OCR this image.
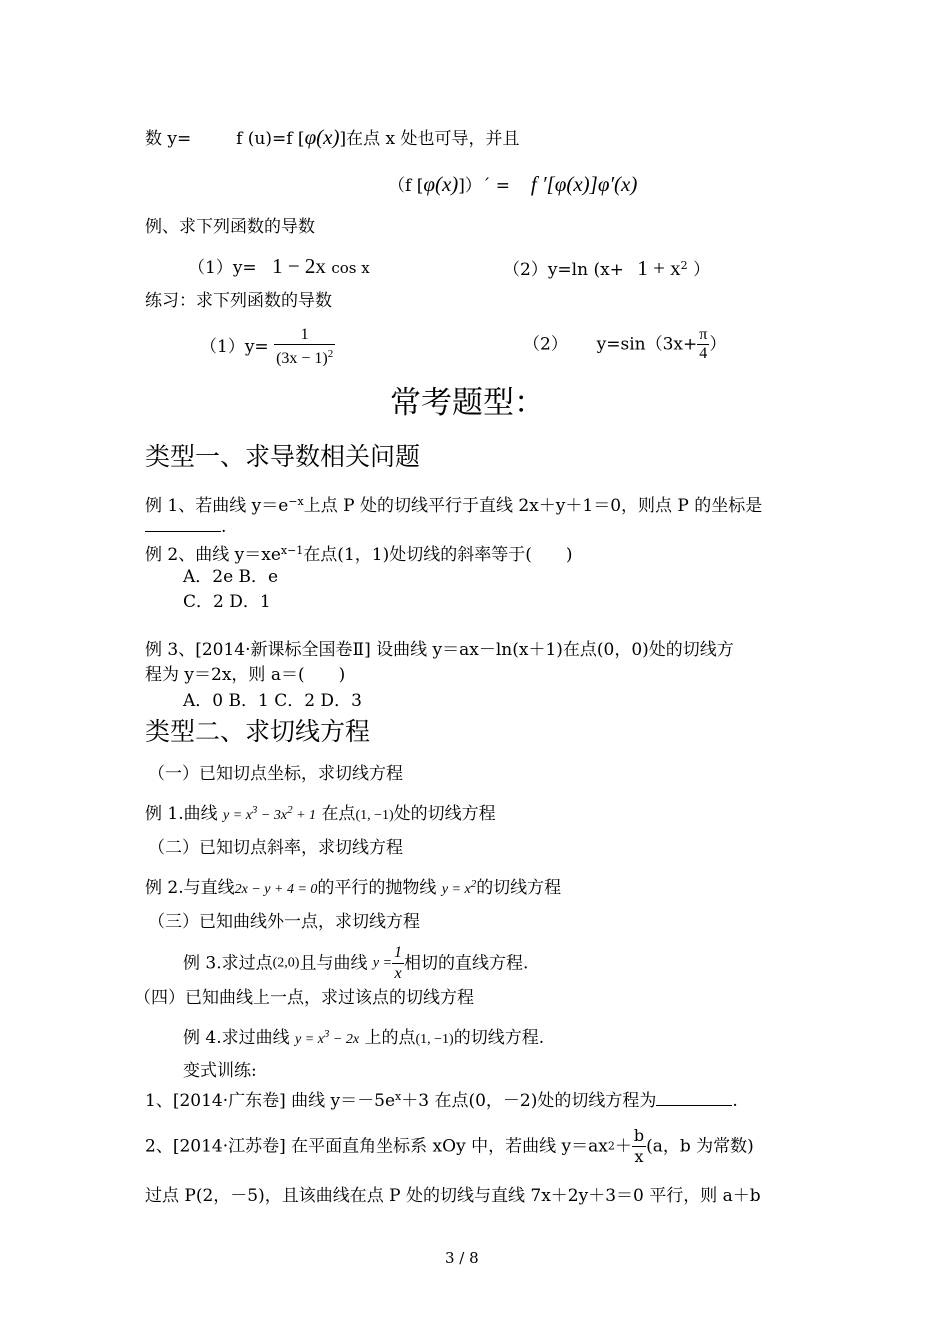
数 y=	f (u)=f [φ(x)]在点 x 处也可导，并且
（f [φ(x)]）´ = f ′[φ(x)]φ′(x)
例、求下列函数的导数
（1）y= 1 − 2x cos x	（2）y=ln ($x+ 1 + x^2$ ）
练习：求下列函数的导数
$(1)y= \frac{1}{(3x - 1)^2}$	（2） $y=\sin(3x+ \frac{\pi}{4}$ ）
常考题型：
类型一、求导数相关问题
例 1、若曲线 $y=e^{-x}$上点 P 处的切线平行于直线 2x＋y＋1＝0，则点 P 的坐标是
.
例 2、曲线 $y=xe^{x-1}$在点(1，1)处切线的斜率等于( )
A．2e B．e
C．2 D．1
例 3、[2014·新课标全国卷Ⅱ] 设曲线 y＝ax－ln(x＋1)在点(0，0)处的切线方
程为 y＝2x，则 a＝( )
A．0 B．1 C．2 D．3
类型二、求切线方程
（一）已知切点坐标，求切线方程
例 1.曲线 $y = x^3 - 3x^2 + 1$ 在点(1, −1)处的切线方程
（二）已知切点斜率，求切线方程
例 2.与直线2x − y + 4 = 0的平行的抛物线 $y = x^2$的切线方程
（三）已知曲线外一点，求切线方程
例 3.求过点(2,0)且与曲线 $y = \frac{1}{x}$ 相切的直线方程.
（四）已知曲线上一点，求过该点的切线方程
例 4.求过曲线 $y = x^3 - 2x$ 上的点(1, −1)的切线方程.
变式训练:
1、[2014·广东卷] 曲线 $y=-5e^x+3$ 在点(0，－2)处的切线方程为	.
2、[2014·江苏卷] 在平面直角坐标系 xOy 中，若曲线 $y=ax2+ \frac{b}{x} (a$，b 为常数)
过点 P(2，－5)，且该曲线在点 P 处的切线与直线 7x＋2y＋3＝0 平行，则 a＋b
3 / 8
